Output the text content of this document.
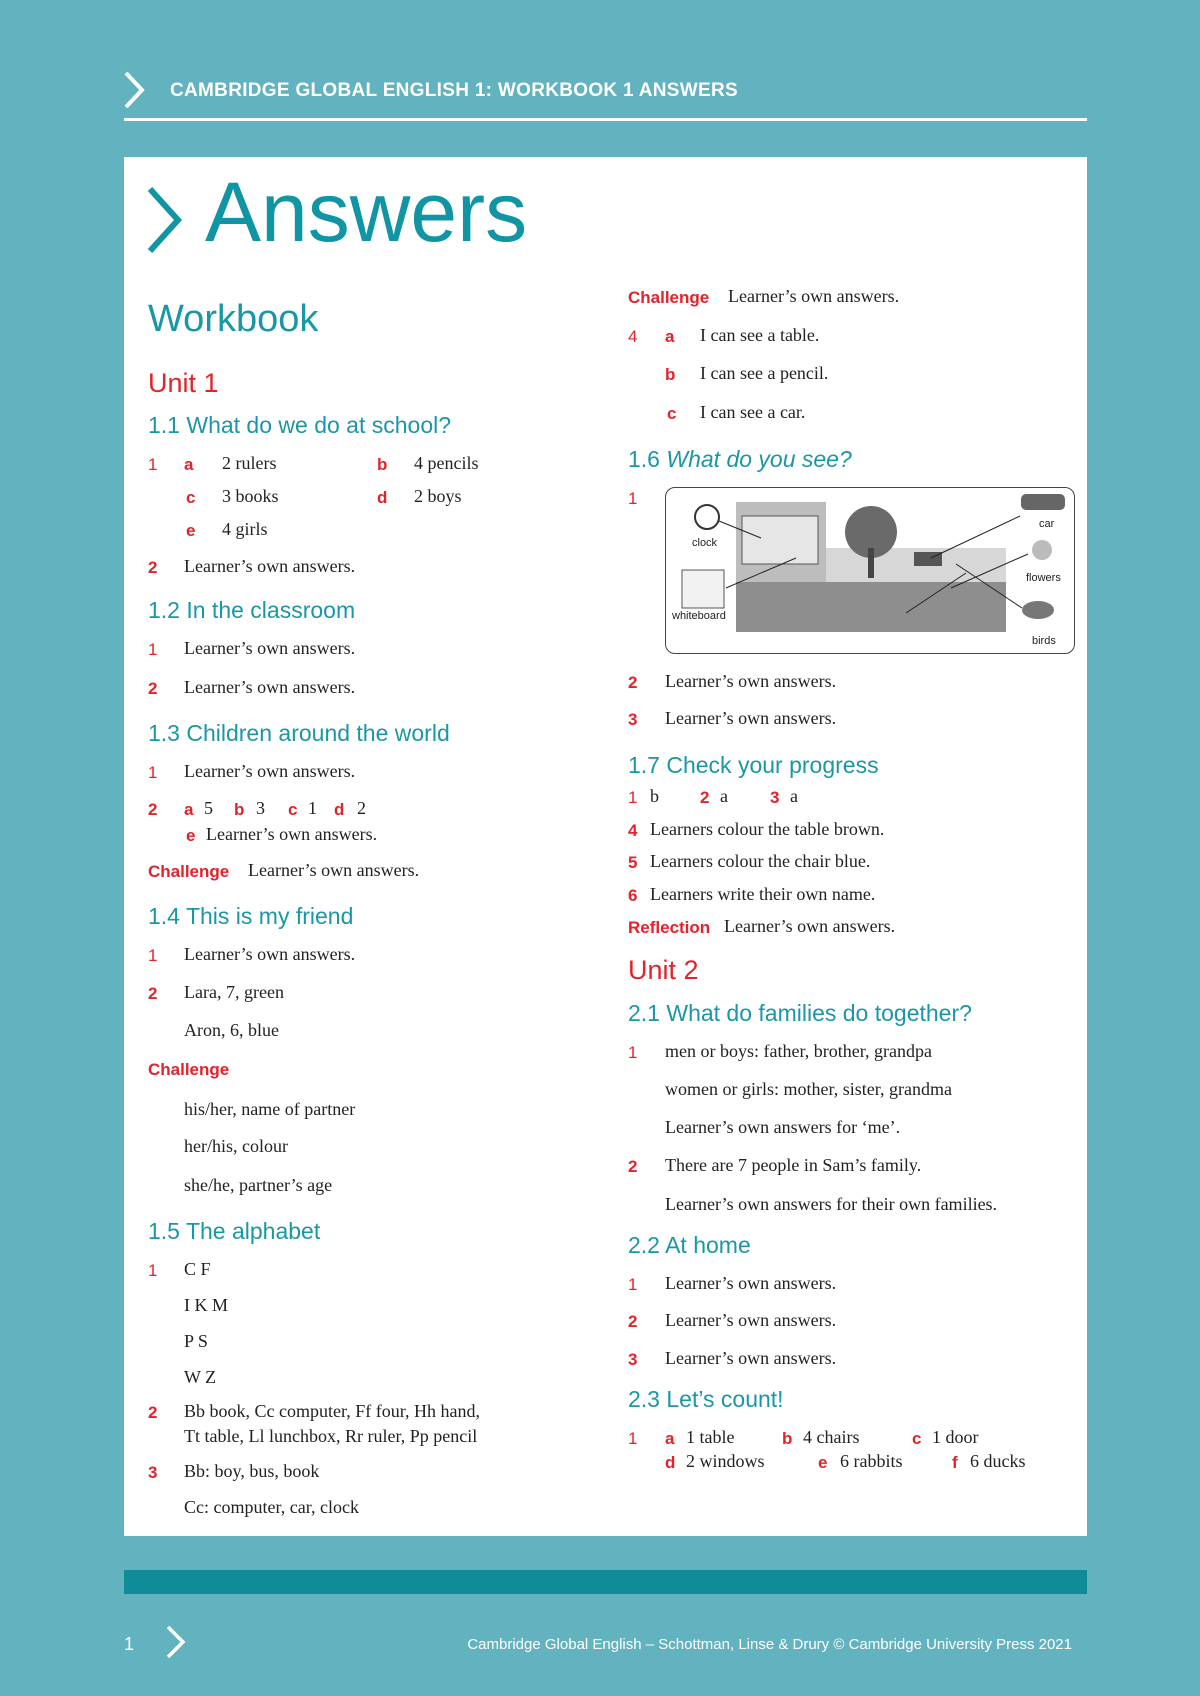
CAMBRIDGE GLOBAL ENGLISH 1: WORKBOOK 1 ANSWERS
Answers
Workbook
Unit 1
1.1 What do we do at school?
1 a 2 rulers	b 4 pencils
c 3 books	d 2 boys
e 4 girls
2 Learner’s own answers.
1.2 In the classroom
1 Learner’s own answers.
2 Learner’s own answers.
1.3 Children around the world
1 Learner’s own answers.
2 a 5 b 3 c 1 d 2
e Learner’s own answers.
Challenge Learner’s own answers.
1.4 This is my friend
1 Learner’s own answers.
2 Lara, 7, green
Aron, 6, blue
Challenge
his/her, name of partner
her/his, colour
she/he, partner’s age
1.5 The alphabet
1 C F
I K M
P S
W Z
2 Bb book, Cc computer, Ff four, Hh hand,
Tt table, Ll lunchbox, Rr ruler, Pp pencil
3 Bb: boy, bus, book
Cc: computer, car, clock
Challenge Learner’s own answers.
4 a I can see a table.
b I can see a pencil.
c I can see a car.
1.6 What do you see?
1
clock
whiteboard
car
flowers
birds
2 Learner’s own answers.
3 Learner’s own answers.
1.7 Check your progress
1 b 2 a 3 a
4 Learners colour the table brown.
5 Learners colour the chair blue.
6 Learners write their own name.
Reflection Learner’s own answers.
Unit 2
2.1 What do families do together?
1 men or boys: father, brother, grandpa
women or girls: mother, sister, grandma
Learner’s own answers for ‘me’.
2 There are 7 people in Sam’s family.
Learner’s own answers for their own families.
2.2 At home
1 Learner’s own answers.
2 Learner’s own answers.
3 Learner’s own answers.
2.3 Let’s count!
1 a 1 table	b 4 chairs	c 1 door
d 2 windows	e 6 rabbits	f 6 ducks
1	Cambridge Global English – Schottman, Linse & Drury © Cambridge University Press 2021
